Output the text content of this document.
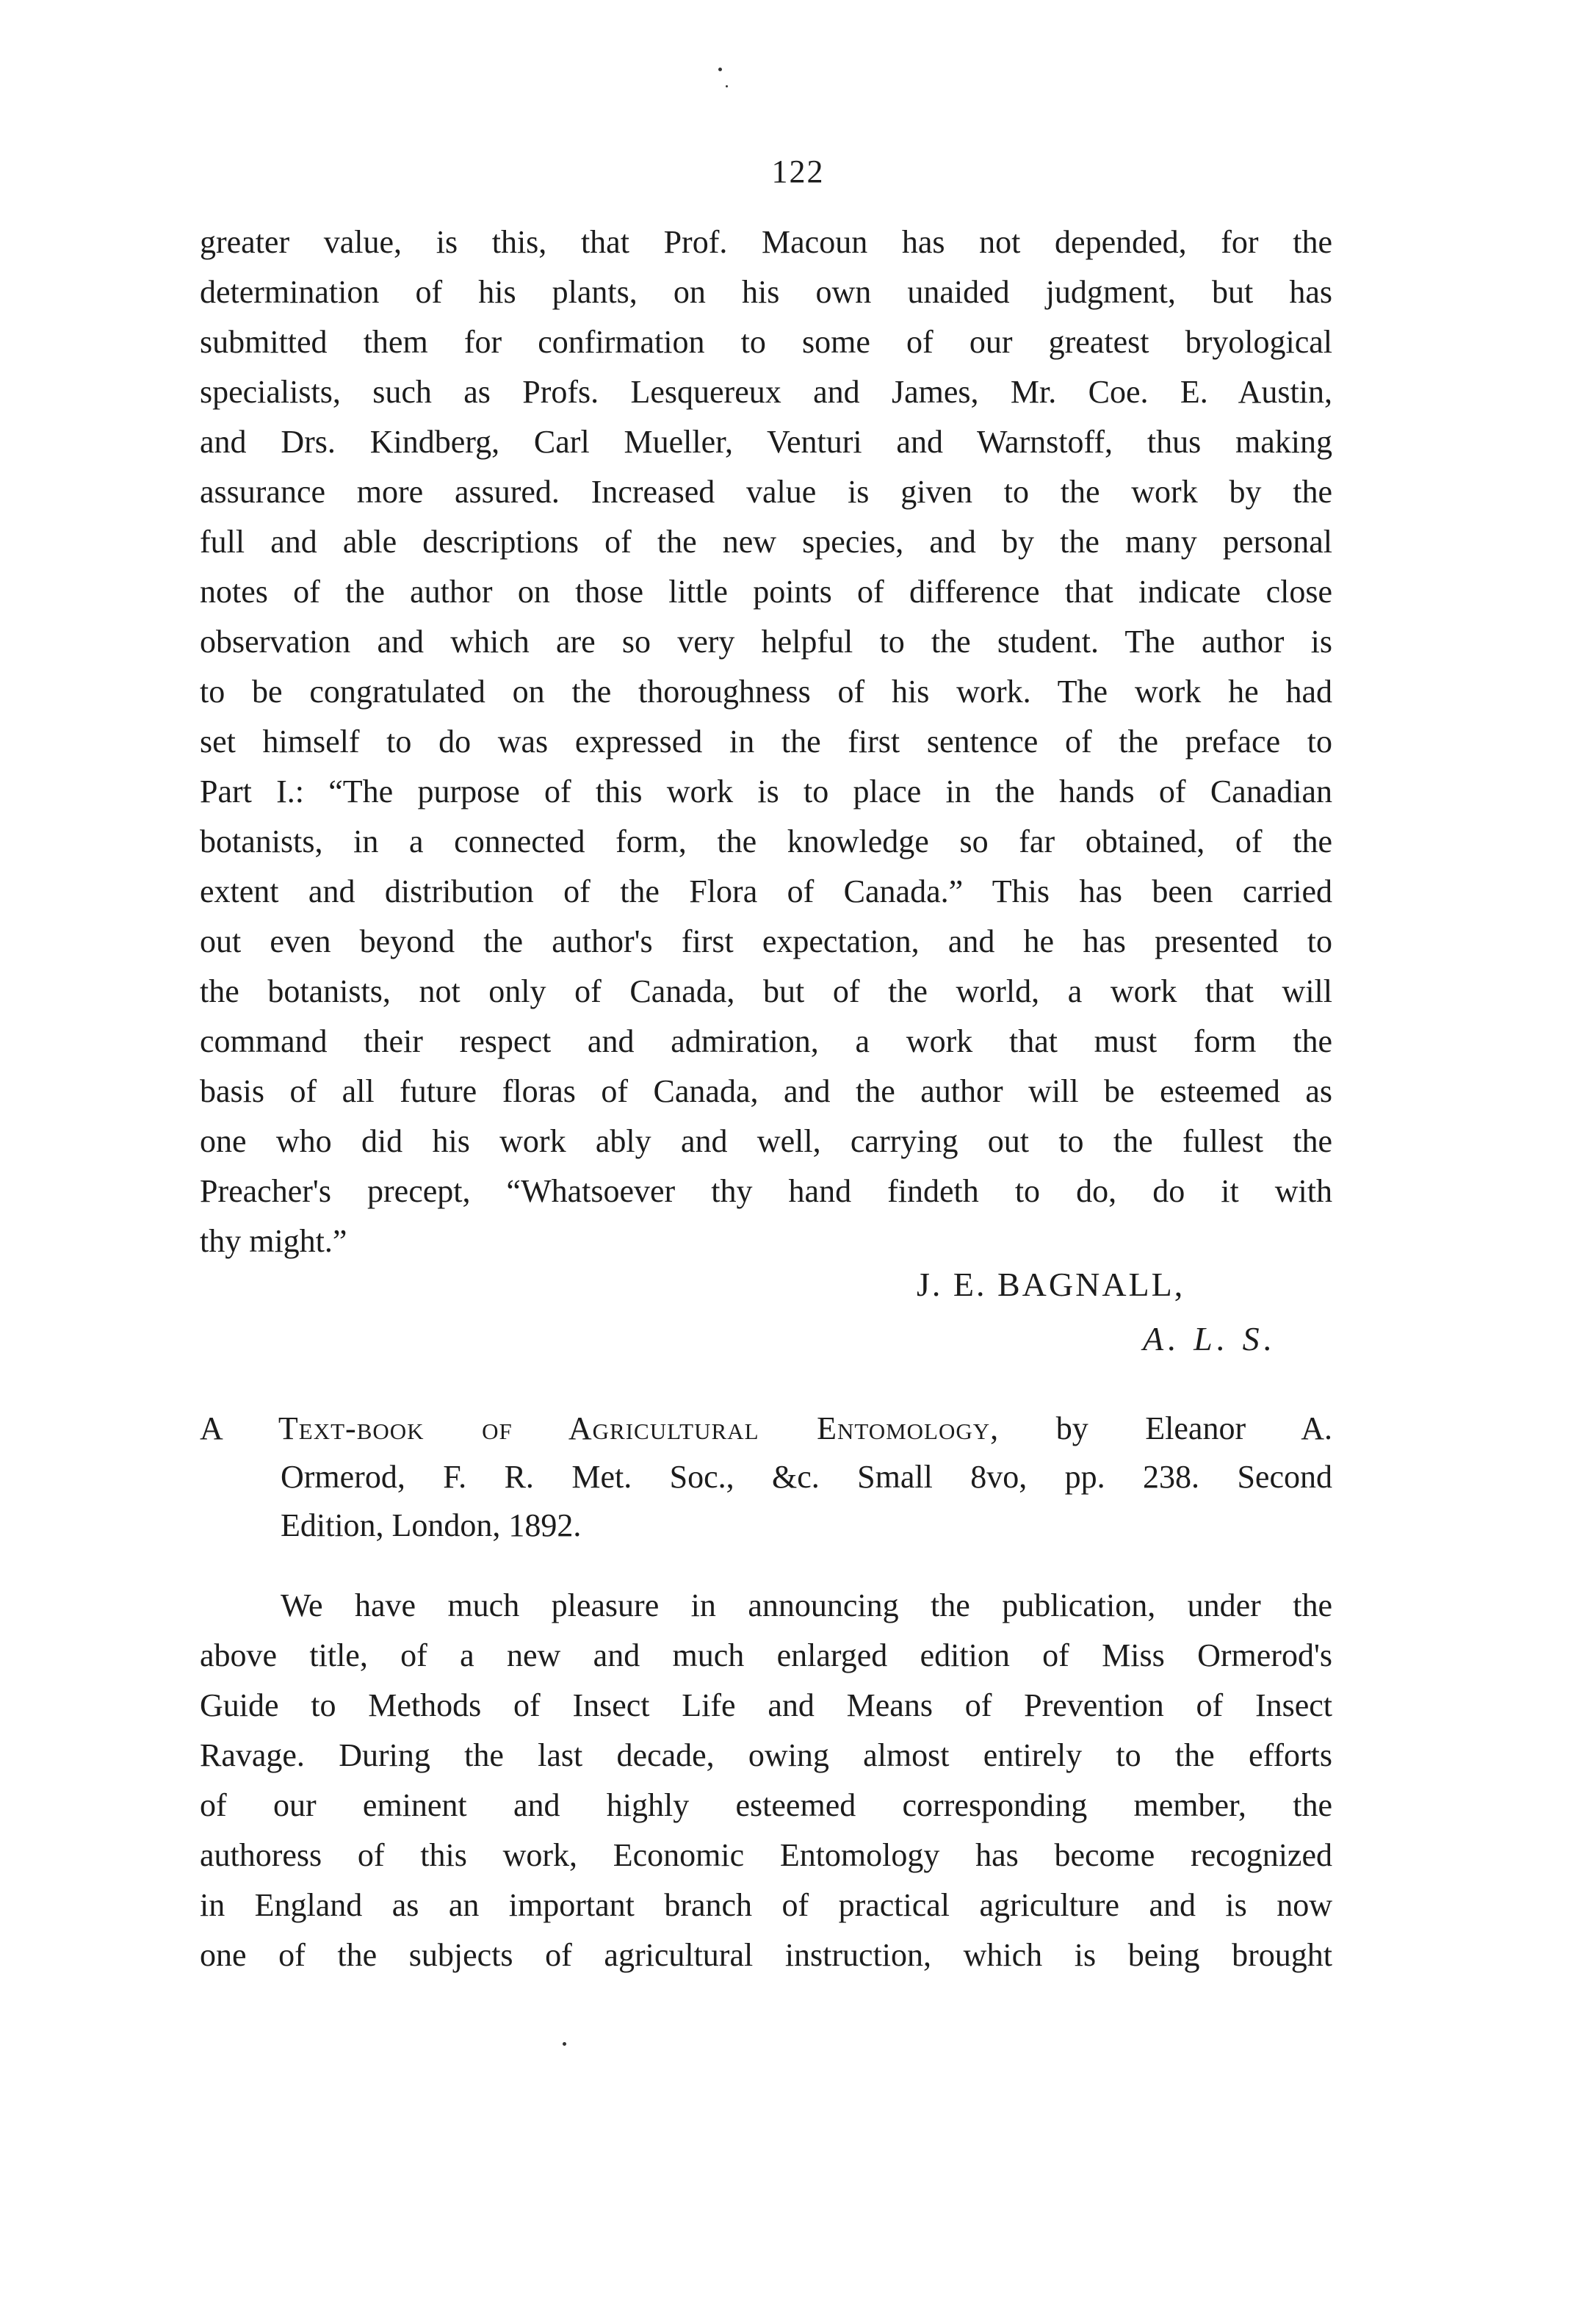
122
greater value, is this, that Prof. Macoun has not depended, for the
determination of his plants, on his own unaided judgment, but has
submitted them for confirmation to some of our greatest bryological
specialists, such as Profs. Lesquereux and James, Mr. Coe. E. Austin,
and Drs. Kindberg, Carl Mueller, Venturi and Warnstoff, thus making
assurance more assured. Increased value is given to the work by the
full and able descriptions of the new species, and by the many personal
notes of the author on those little points of difference that indicate close
observation and which are so very helpful to the student. The author is
to be congratulated on the thoroughness of his work. The work he had
set himself to do was expressed in the first sentence of the preface to
Part I.: “The purpose of this work is to place in the hands of Canadian
botanists, in a connected form, the knowledge so far obtained, of the
extent and distribution of the Flora of Canada.” This has been carried
out even beyond the author's first expectation, and he has presented to
the botanists, not only of Canada, but of the world, a work that will
command their respect and admiration, a work that must form the
basis of all future floras of Canada, and the author will be esteemed as
one who did his work ably and well, carrying out to the fullest the
Preacher's precept, “Whatsoever thy hand findeth to do, do it with
thy might.”
J. E. BAGNALL,
A. L. S.
A Text-book of Agricultural Entomology, by Eleanor A.
Ormerod, F. R. Met. Soc., &c. Small 8vo, pp. 238. Second
Edition, London, 1892.
We have much pleasure in announcing the publication, under the
above title, of a new and much enlarged edition of Miss Ormerod's
Guide to Methods of Insect Life and Means of Prevention of Insect
Ravage. During the last decade, owing almost entirely to the efforts
of our eminent and highly esteemed corresponding member, the
authoress of this work, Economic Entomology has become recognized
in England as an important branch of practical agriculture and is now
one of the subjects of agricultural instruction, which is being brought
